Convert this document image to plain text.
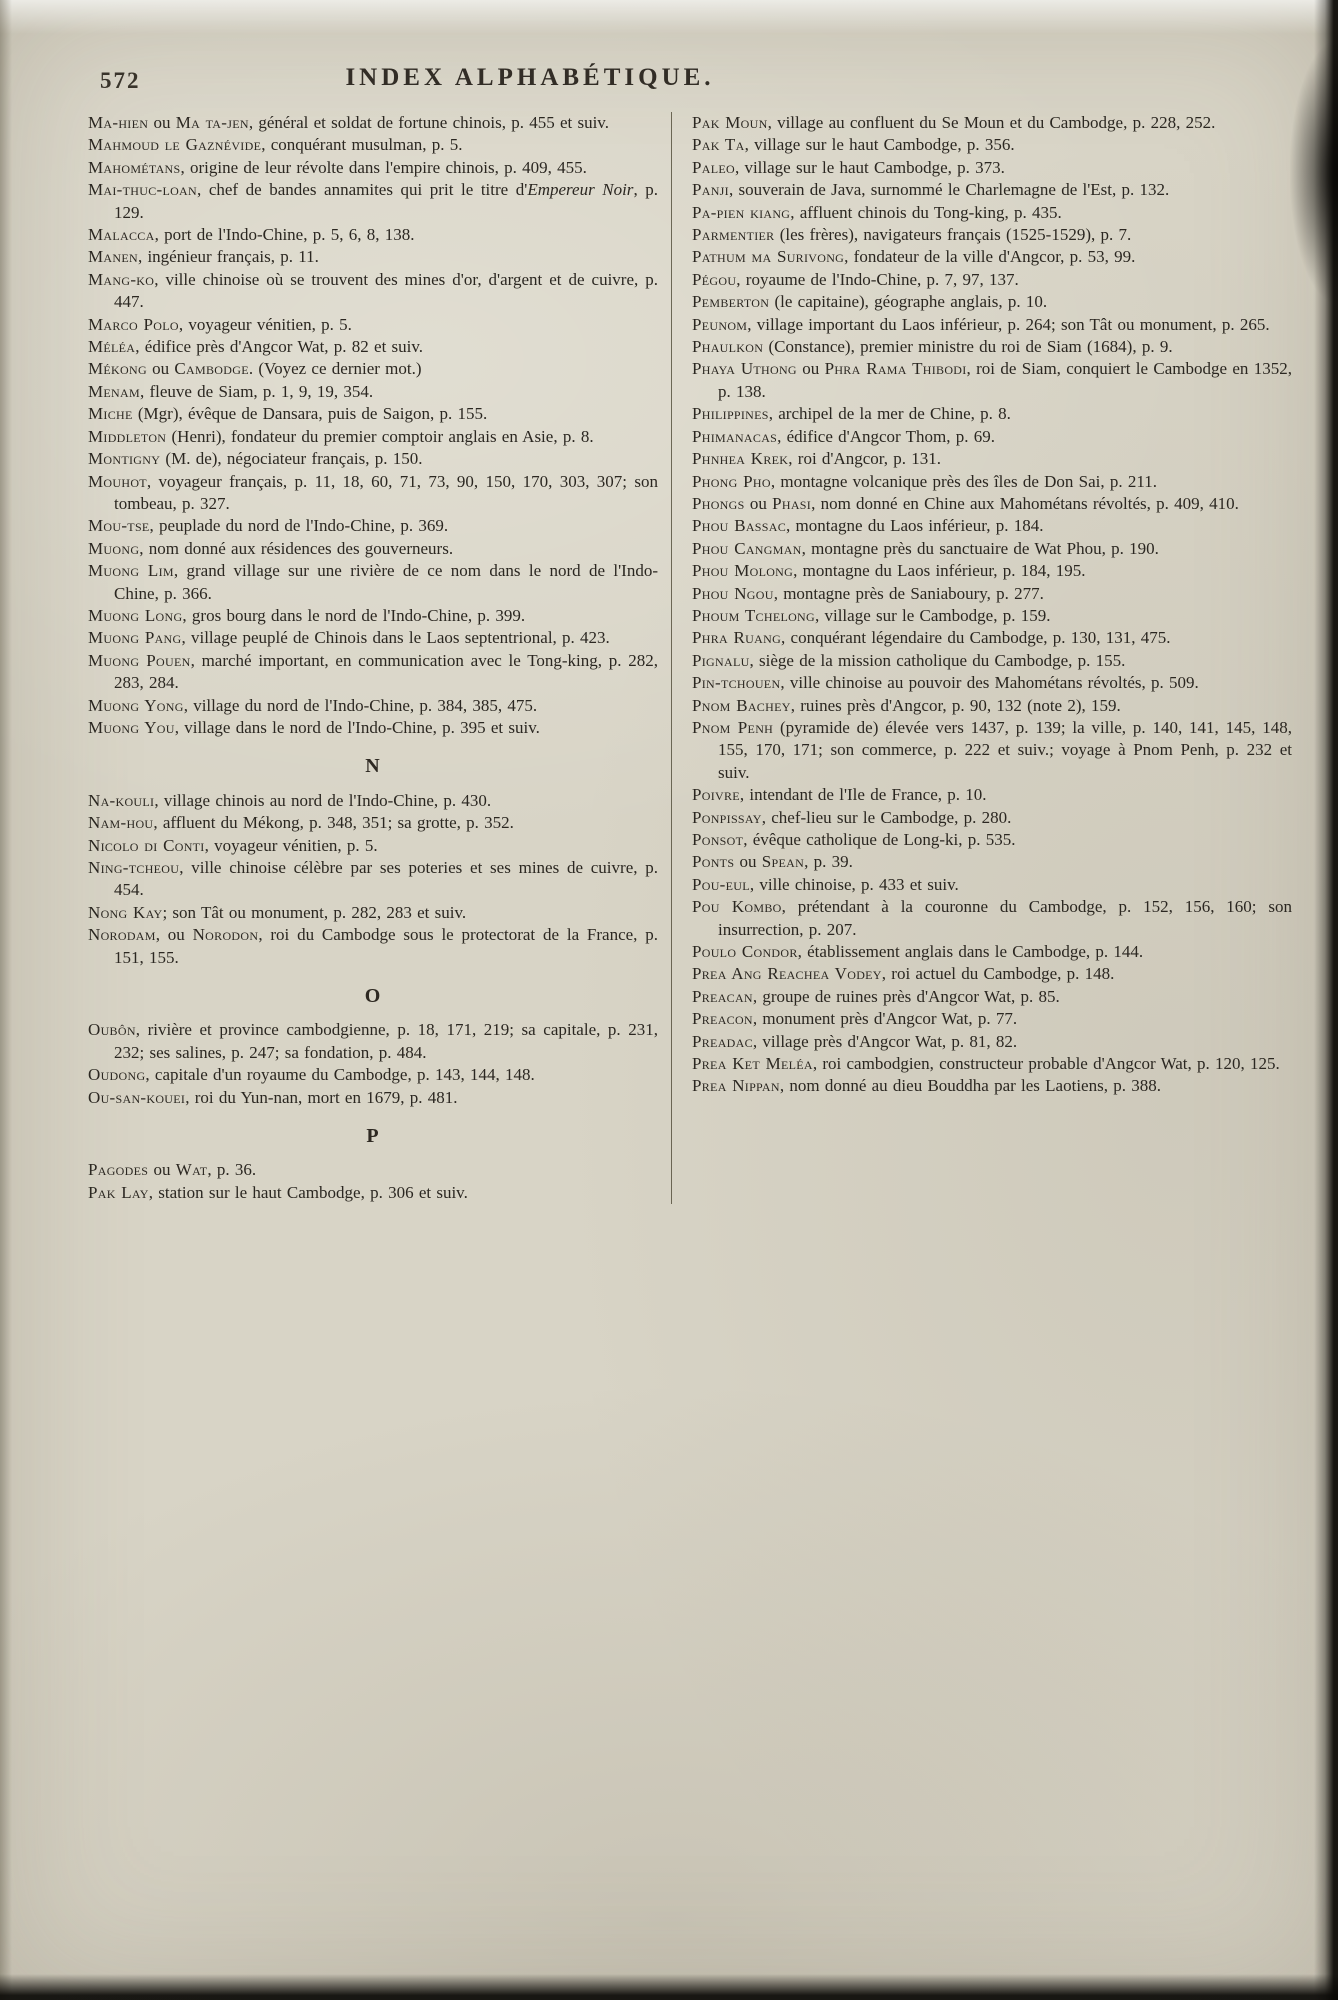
572	INDEX ALPHABÉTIQUE.

Ma-hien ou Ma ta-jen, général et soldat de fortune chinois, p. 455 et suiv.

Mahmoud le Gaznévide, conquérant musulman, p. 5.

Mahométans, origine de leur révolte dans l'empire chinois, p. 409, 455.

Mai-thuc-loan, chef de bandes annamites qui prit le titre d'Empereur Noir, p. 129.

Malacca, port de l'Indo-Chine, p. 5, 6, 8, 138.

Manen, ingénieur français, p. 11.

Mang-ko, ville chinoise où se trouvent des mines d'or, d'argent et de cuivre, p. 447.

Marco Polo, voyageur vénitien, p. 5.

Méléa, édifice près d'Angcor Wat, p. 82 et suiv.

Mékong ou Cambodge. (Voyez ce dernier mot.)

Menam, fleuve de Siam, p. 1, 9, 19, 354.

Miche (Mgr), évêque de Dansara, puis de Saigon, p. 155.

Middleton (Henri), fondateur du premier comptoir anglais en Asie, p. 8.

Montigny (M. de), négociateur français, p. 150.

Mouhot, voyageur français, p. 11, 18, 60, 71, 73, 90, 150, 170, 303, 307; son tombeau, p. 327.

Mou-tse, peuplade du nord de l'Indo-Chine, p. 369.

Muong, nom donné aux résidences des gouverneurs.

Muong Lim, grand village sur une rivière de ce nom dans le nord de l'Indo-Chine, p. 366.

Muong Long, gros bourg dans le nord de l'Indo-Chine, p. 399.

Muong Pang, village peuplé de Chinois dans le Laos septentrional, p. 423.

Muong Pouen, marché important, en communication avec le Tong-king, p. 282, 283, 284.

Muong Yong, village du nord de l'Indo-Chine, p. 384, 385, 475.

Muong You, village dans le nord de l'Indo-Chine, p. 395 et suiv.

N

Na-kouli, village chinois au nord de l'Indo-Chine, p. 430.

Nam-hou, affluent du Mékong, p. 348, 351; sa grotte, p. 352.

Nicolo di Conti, voyageur vénitien, p. 5.

Ning-tcheou, ville chinoise célèbre par ses poteries et ses mines de cuivre, p. 454.

Nong Kay; son Tât ou monument, p. 282, 283 et suiv.

Norodam, ou Norodon, roi du Cambodge sous le protectorat de la France, p. 151, 155.

O

Oubôn, rivière et province cambodgienne, p. 18, 171, 219; sa capitale, p. 231, 232; ses salines, p. 247; sa fondation, p. 484.

Oudong, capitale d'un royaume du Cambodge, p. 143, 144, 148.

Ou-san-kouei, roi du Yun-nan, mort en 1679, p. 481.

P

Pagodes ou Wat, p. 36.

Pak Lay, station sur le haut Cambodge, p. 306 et suiv.

Pak Moun, village au confluent du Se Moun et du Cambodge, p. 228, 252.

Pak Ta, village sur le haut Cambodge, p. 356.

Paleo, village sur le haut Cambodge, p. 373.

Panji, souverain de Java, surnommé le Charlemagne de l'Est, p. 132.

Pa-pien kiang, affluent chinois du Tong-king, p. 435.

Parmentier (les frères), navigateurs français (1525-1529), p. 7.

Pathum ma Surivong, fondateur de la ville d'Angcor, p. 53, 99.

Pégou, royaume de l'Indo-Chine, p. 7, 97, 137.

Pemberton (le capitaine), géographe anglais, p. 10.

Peunom, village important du Laos inférieur, p. 264; son Tât ou monument, p. 265.

Phaulkon (Constance), premier ministre du roi de Siam (1684), p. 9.

Phaya Uthong ou Phra Rama Thibodi, roi de Siam, conquiert le Cambodge en 1352, p. 138.

Philippines, archipel de la mer de Chine, p. 8.

Phimanacas, édifice d'Angcor Thom, p. 69.

Phnhea Krek, roi d'Angcor, p. 131.

Phong Pho, montagne volcanique près des îles de Don Sai, p. 211.

Phongs ou Phasi, nom donné en Chine aux Mahométans révoltés, p. 409, 410.

Phou Bassac, montagne du Laos inférieur, p. 184.

Phou Cangman, montagne près du sanctuaire de Wat Phou, p. 190.

Phou Molong, montagne du Laos inférieur, p. 184, 195.

Phou Ngou, montagne près de Saniaboury, p. 277.

Phoum Tchelong, village sur le Cambodge, p. 159.

Phra Ruang, conquérant légendaire du Cambodge, p. 130, 131, 475.

Pignalu, siège de la mission catholique du Cambodge, p. 155.

Pin-tchouen, ville chinoise au pouvoir des Mahométans révoltés, p. 509.

Pnom Bachey, ruines près d'Angcor, p. 90, 132 (note 2), 159.

Pnom Penh (pyramide de) élevée vers 1437, p. 139; la ville, p. 140, 141, 145, 148, 155, 170, 171; son commerce, p. 222 et suiv.; voyage à Pnom Penh, p. 232 et suiv.

Poivre, intendant de l'Ile de France, p. 10.

Ponpissay, chef-lieu sur le Cambodge, p. 280.

Ponsot, évêque catholique de Long-ki, p. 535.

Ponts ou Spean, p. 39.

Pou-eul, ville chinoise, p. 433 et suiv.

Pou Kombo, prétendant à la couronne du Cambodge, p. 152, 156, 160; son insurrection, p. 207.

Poulo Condor, établissement anglais dans le Cambodge, p. 144.

Prea Ang Reachea Vodey, roi actuel du Cambodge, p. 148.

Preacan, groupe de ruines près d'Angcor Wat, p. 85.

Preacon, monument près d'Angcor Wat, p. 77.

Preadac, village près d'Angcor Wat, p. 81, 82.

Prea Ket Meléa, roi cambodgien, constructeur probable d'Angcor Wat, p. 120, 125.

Prea Nippan, nom donné au dieu Bouddha par les Laotiens, p. 388.
